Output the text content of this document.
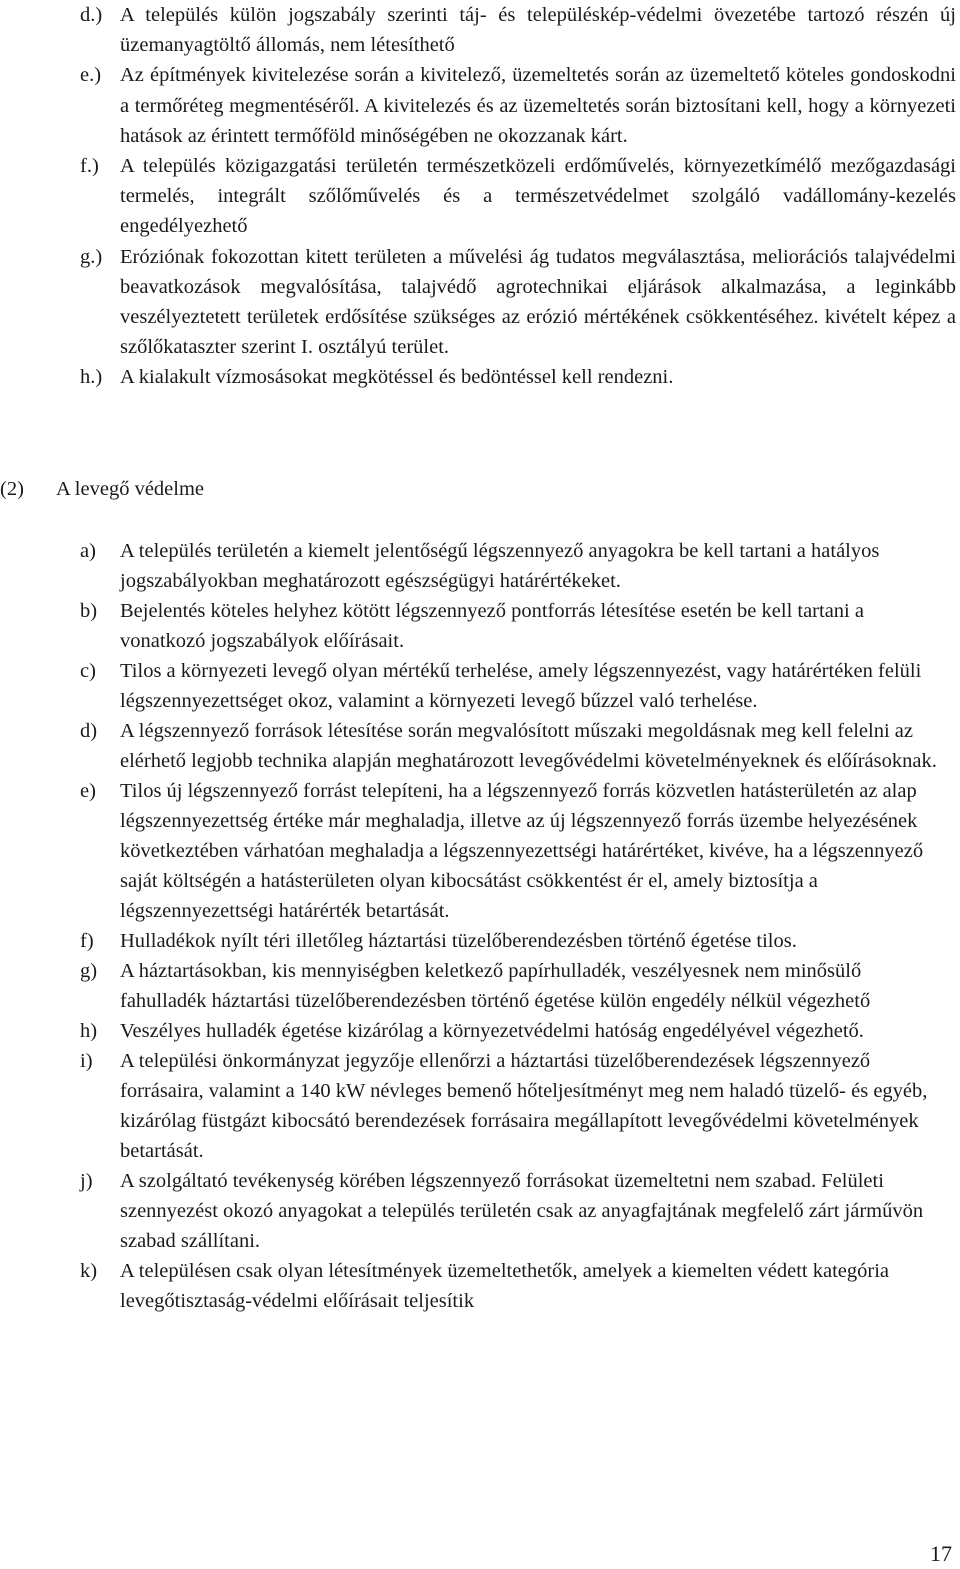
d.) A település külön jogszabály szerinti táj- és településkép-védelmi övezetébe tartozó részén új üzemanyagtöltő állomás, nem létesíthető
e.) Az építmények kivitelezése során a kivitelező, üzemeltetés során az üzemeltető köteles gondoskodni a termőréteg megmentéséről. A kivitelezés és az üzemeltetés során biztosítani kell, hogy a környezeti hatások az érintett termőföld minőségében ne okozzanak kárt.
f.) A település közigazgatási területén természetközeli erdőművelés, környezetkímélő mezőgazdasági termelés, integrált szőlőművelés és a természetvédelmet szolgáló vadállomány-kezelés engedélyezhető
g.) Eróziónak fokozottan kitett területen a művelési ág tudatos megválasztása, meliorációs talajvédelmi beavatkozások megvalósítása, talajvédő agrotechnikai eljárások alkalmazása, a leginkább veszélyeztetett területek erdősítése szükséges az erózió mértékének csökkentéséhez. kivételt képez a szőlőkataszter szerint I. osztályú terület.
h.) A kialakult vízmosásokat megkötéssel és bedöntéssel kell rendezni.
(2) A levegő védelme
a) A település területén a kiemelt jelentőségű légszennyező anyagokra be kell tartani a hatályos jogszabályokban meghatározott egészségügyi határértékeket.
b) Bejelentés köteles helyhez kötött légszennyező pontforrás létesítése esetén be kell tartani a vonatkozó jogszabályok előírásait.
c) Tilos a környezeti levegő olyan mértékű terhelése, amely légszennyezést, vagy határértéken felüli légszennyezettséget okoz, valamint a környezeti levegő bűzzel való terhelése.
d) A légszennyező források létesítése során megvalósított műszaki megoldásnak meg kell felelni az elérhető legjobb technika alapján meghatározott levegővédelmi követelményeknek és előírásoknak.
e) Tilos új légszennyező forrást telepíteni, ha a légszennyező forrás közvetlen hatásterületén az alap légszennyezettség értéke már meghaladja, illetve az új légszennyező forrás üzembe helyezésének következtében várhatóan meghaladja a légszennyezettségi határértéket, kivéve, ha a légszennyező saját költségén a hatásterületen olyan kibocsátást csökkentést ér el, amely biztosítja a légszennyezettségi határérték betartását.
f) Hulladékok nyílt téri illetőleg háztartási tüzelőberendezésben történő égetése tilos.
g) A háztartásokban, kis mennyiségben keletkező papírhulladék, veszélyesnek nem minősülő fahulladék háztartási tüzelőberendezésben történő égetése külön engedély nélkül végezhető
h) Veszélyes hulladék égetése kizárólag a környezetvédelmi hatóság engedélyével végezhető.
i) A települési önkormányzat jegyzője ellenőrzi a háztartási tüzelőberendezések légszennyező forrásaira, valamint a 140 kW névleges bemenő hőteljesítményt meg nem haladó tüzelő- és egyéb, kizárólag füstgázt kibocsátó berendezések forrásaira megállapított levegővédelmi követelmények betartását.
j) A szolgáltató tevékenység körében légszennyező forrásokat üzemeltetni nem szabad. Felületi szennyezést okozó anyagokat a település területén csak az anyagfajtának megfelelő zárt járművön szabad szállítani.
k) A településen csak olyan létesítmények üzemeltethetők, amelyek a kiemelten védett kategória levegőtisztaság-védelmi előírásait teljesítik
17
